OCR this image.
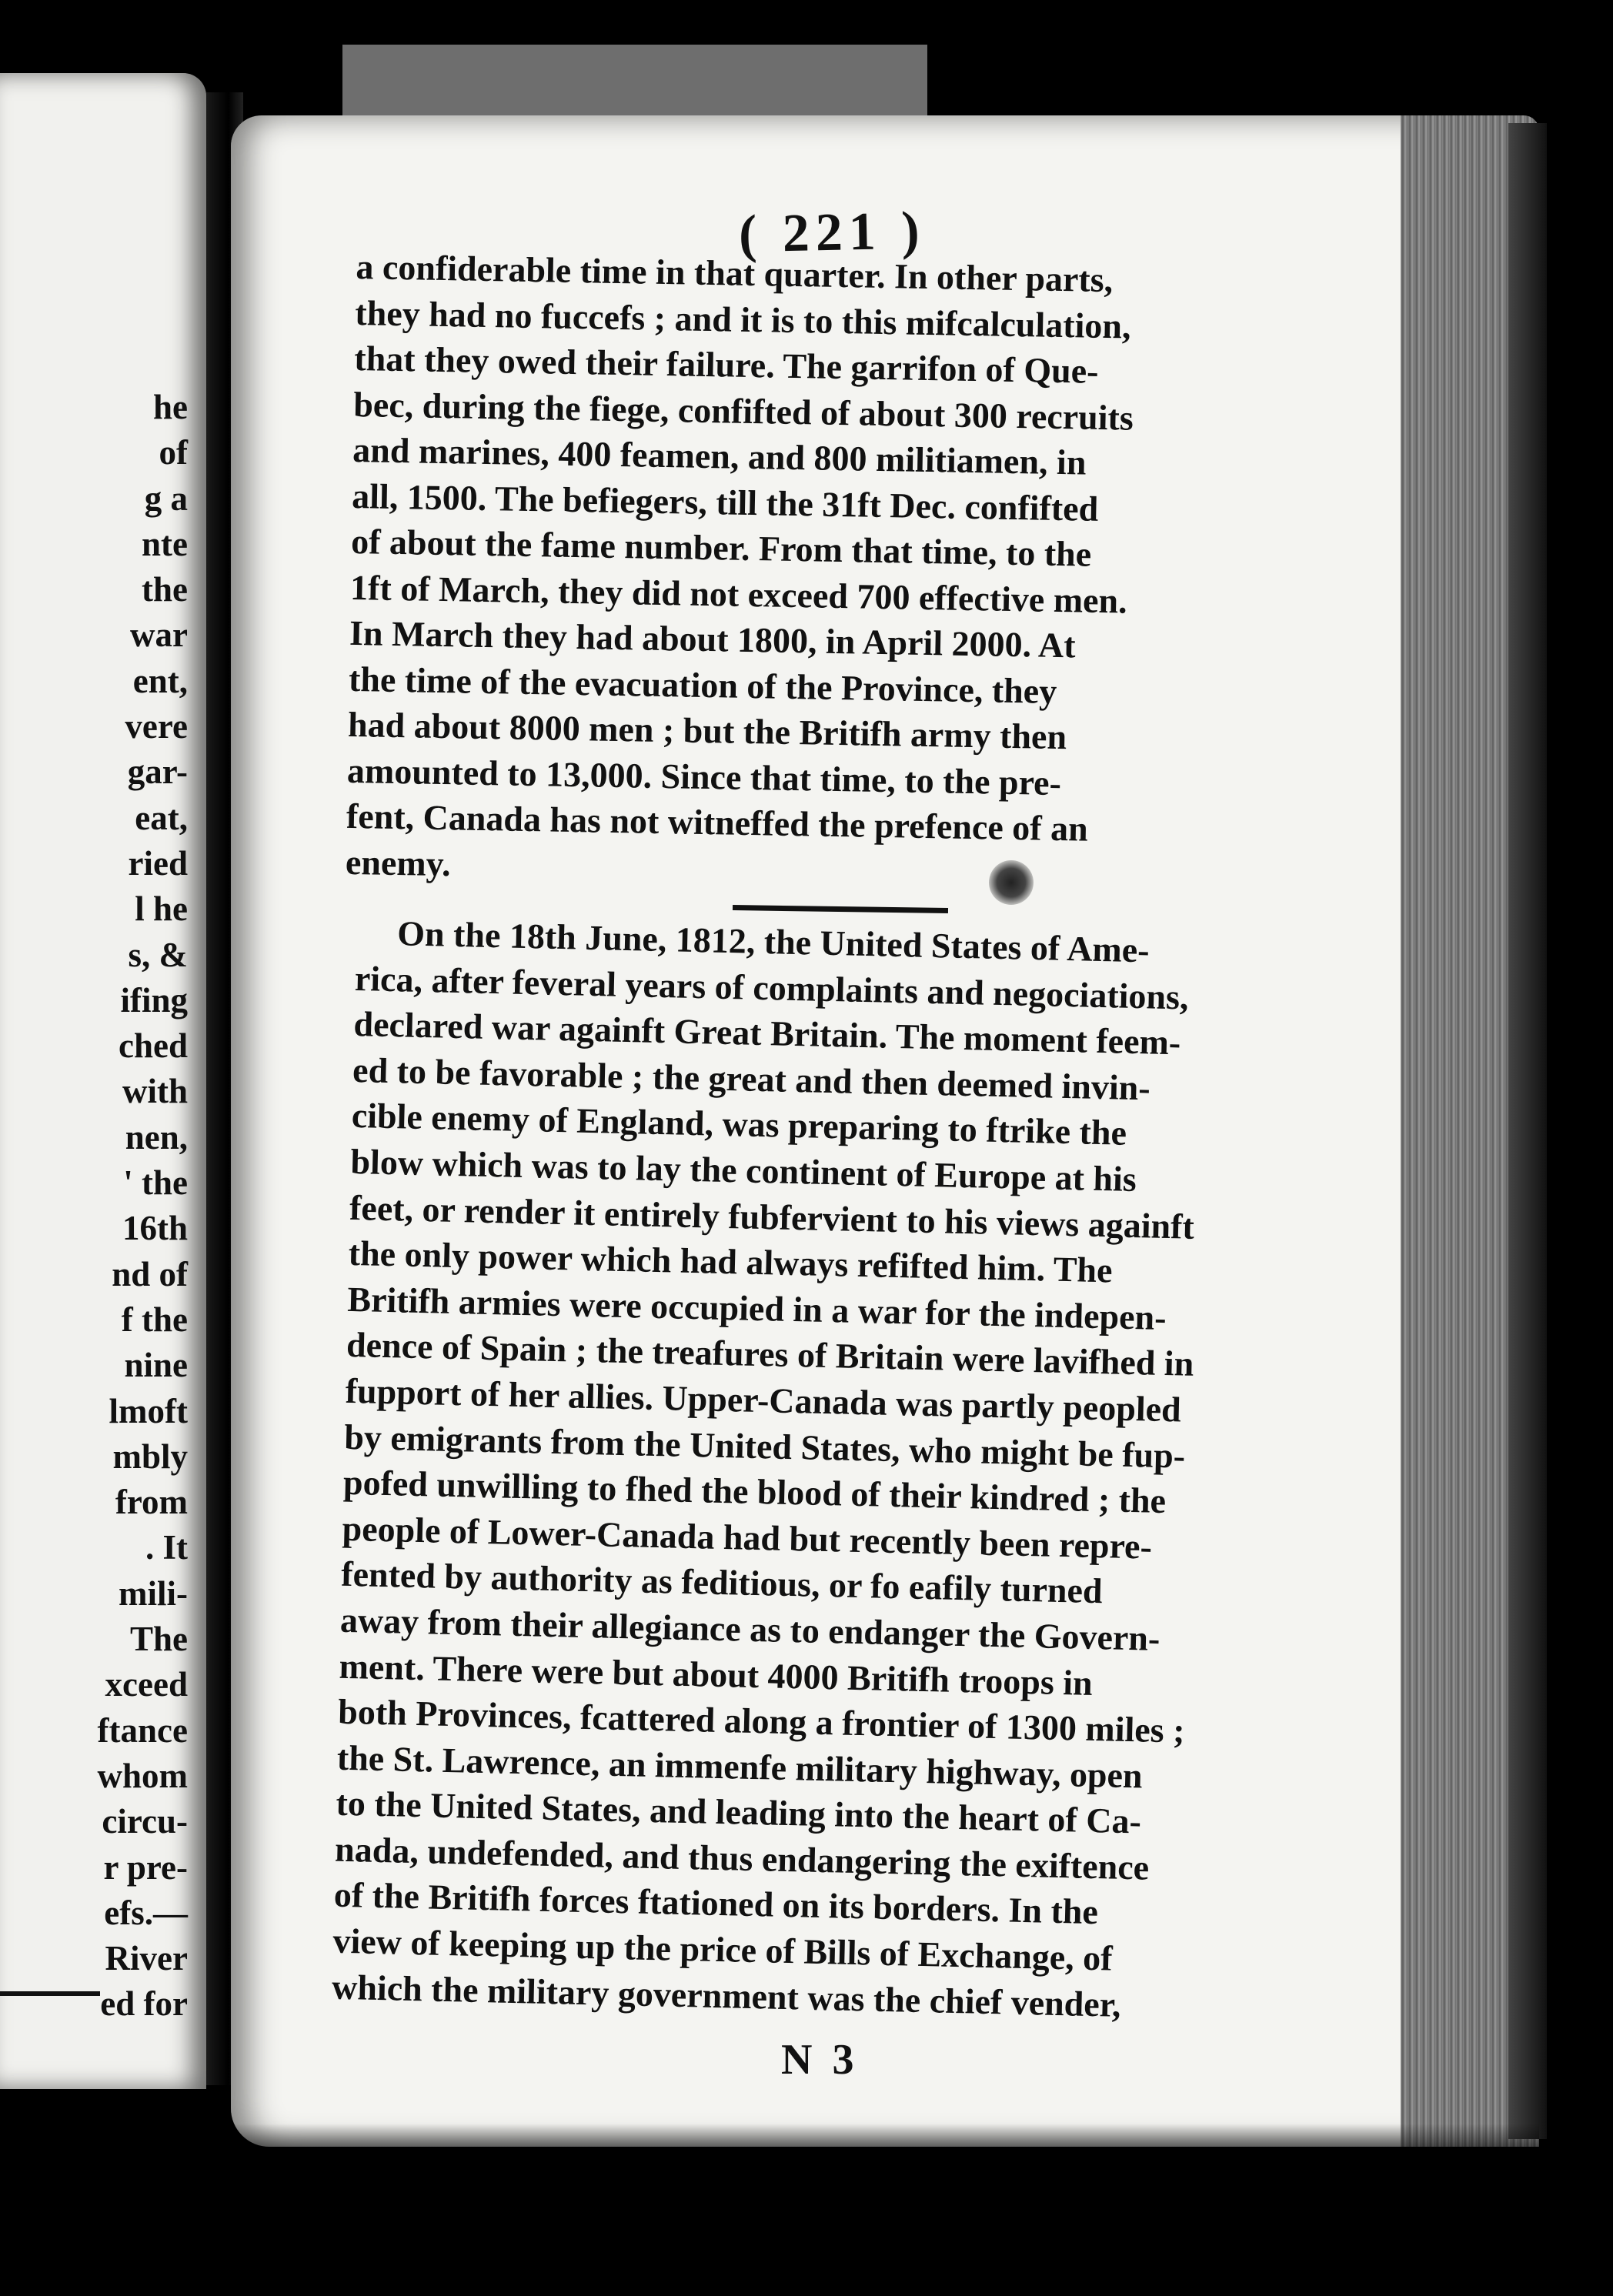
he
of
g a
nte
the
war
ent,
vere
gar-
eat,
ried
l he
s, &
ifing
ched
with
nen,
' the
16th
nd of
f the
nine
lmoft
mbly
from
. It
mili-
The
xceed
ftance
whom
circu-
r pre-
efs.—
River
ed for
( 221 )
a confiderable time in that quarter. In other parts,
they had no fuccefs ; and it is to this mifcalculation,
that they owed their failure. The garrifon of Que-
bec, during the fiege, confifted of about 300 recruits
and marines, 400 feamen, and 800 militiamen, in
all, 1500. The befiegers, till the 31ft Dec. confifted
of about the fame number. From that time, to the
1ft of March, they did not exceed 700 effective men.
In March they had about 1800, in April 2000. At
the time of the evacuation of the Province, they
had about 8000 men ; but the Britifh army then
amounted to 13,000. Since that time, to the pre-
fent, Canada has not witneffed the prefence of an
enemy.
On the 18th June, 1812, the United States of Ame-
rica, after feveral years of complaints and negociations,
declared war againft Great Britain. The moment feem-
ed to be favorable ; the great and then deemed invin-
cible enemy of England, was preparing to ftrike the
blow which was to lay the continent of Europe at his
feet, or render it entirely fubfervient to his views againft
the only power which had always refifted him. The
Britifh armies were occupied in a war for the indepen-
dence of Spain ; the treafures of Britain were lavifhed in
fupport of her allies. Upper-Canada was partly peopled
by emigrants from the United States, who might be fup-
pofed unwilling to fhed the blood of their kindred ; the
people of Lower-Canada had but recently been repre-
fented by authority as feditious, or fo eafily turned
away from their allegiance as to endanger the Govern-
ment. There were but about 4000 Britifh troops in
both Provinces, fcattered along a frontier of 1300 miles ;
the St. Lawrence, an immenfe military highway, open
to the United States, and leading into the heart of Ca-
nada, undefended, and thus endangering the exiftence
of the Britifh forces ftationed on its borders. In the
view of keeping up the price of Bills of Exchange, of
which the military government was the chief vender,
N 3
